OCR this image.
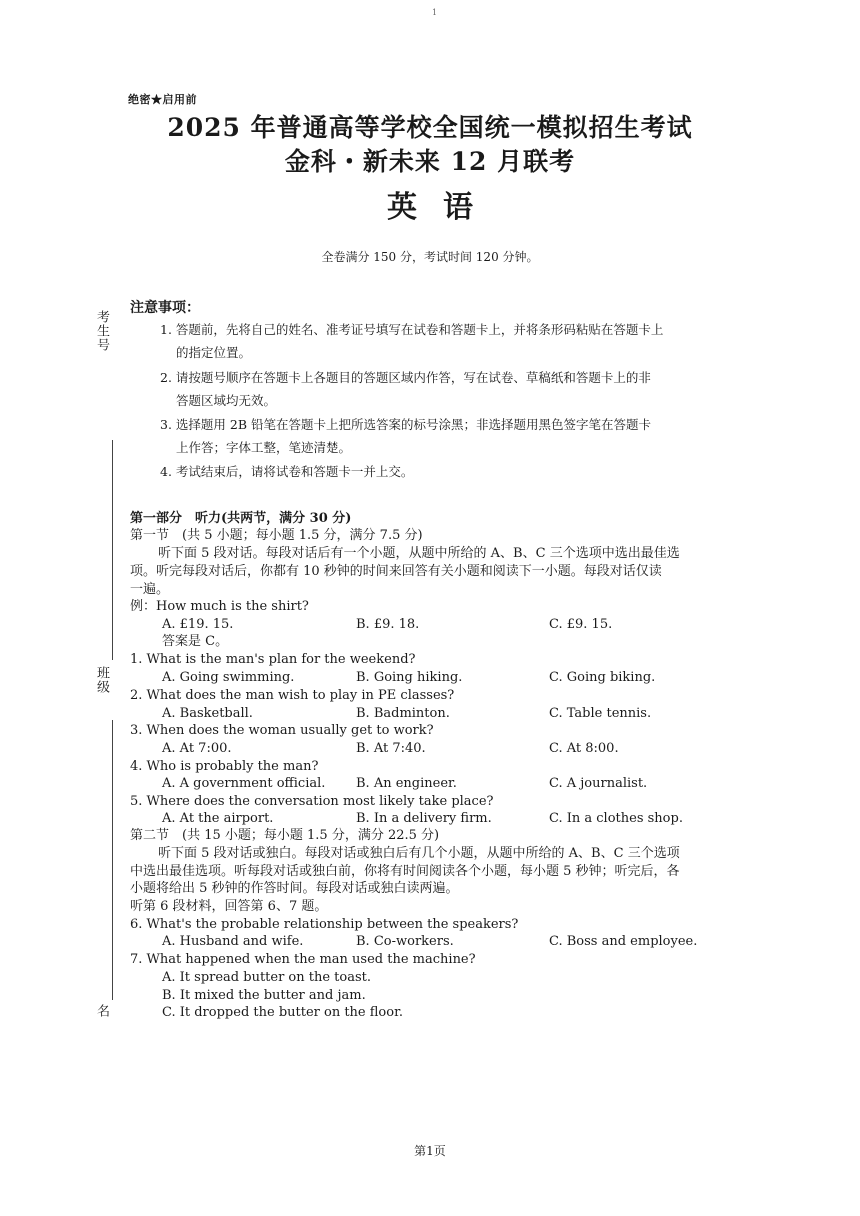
1
绝密★启用前
2025 年普通高等学校全国统一模拟招生考试
金科・新未来 12 月联考
英语
全卷满分 150 分，考试时间 120 分钟。
考生号
班级
名
注意事项：
1. 答题前，先将自己的姓名、准考证号填写在试卷和答题卡上，并将条形码粘贴在答题卡上
的指定位置。
2. 请按题号顺序在答题卡上各题目的答题区域内作答，写在试卷、草稿纸和答题卡上的非
答题区域均无效。
3. 选择题用 2B 铅笔在答题卡上把所选答案的标号涂黑；非选择题用黑色签字笔在答题卡
上作答；字体工整，笔迹清楚。
4. 考试结束后，请将试卷和答题卡一并上交。
第一部分　听力(共两节，满分 30 分)
第一节　(共 5 小题；每小题 1.5 分，满分 7.5 分)
听下面 5 段对话。每段对话后有一个小题，从题中所给的 A、B、C 三个选项中选出最佳选
项。听完每段对话后，你都有 10 秒钟的时间来回答有关小题和阅读下一小题。每段对话仅读
一遍。
例：How much is the shirt?
A. £19. 15.	B. £9. 18.	C. £9. 15.
答案是 C。
1. What is the man's plan for the weekend?
A. Going swimming.	B. Going hiking.	C. Going biking.
2. What does the man wish to play in PE classes?
A. Basketball.	B. Badminton.	C. Table tennis.
3. When does the woman usually get to work?
A. At 7:00.	B. At 7:40.	C. At 8:00.
4. Who is probably the man?
A. A government official. B. An engineer.	C. A journalist.
5. Where does the conversation most likely take place?
A. At the airport.	B. In a delivery firm.	C. In a clothes shop.
第二节　(共 15 小题；每小题 1.5 分，满分 22.5 分)
听下面 5 段对话或独白。每段对话或独白后有几个小题，从题中所给的 A、B、C 三个选项
中选出最佳选项。听每段对话或独白前，你将有时间阅读各个小题，每小题 5 秒钟；听完后，各
小题将给出 5 秒钟的作答时间。每段对话或独白读两遍。
听第 6 段材料，回答第 6、7 题。
6. What's the probable relationship between the speakers?
A. Husband and wife.	B. Co-workers.	C. Boss and employee.
7. What happened when the man used the machine?
A. It spread butter on the toast.
B. It mixed the butter and jam.
C. It dropped the butter on the floor.
第1页
